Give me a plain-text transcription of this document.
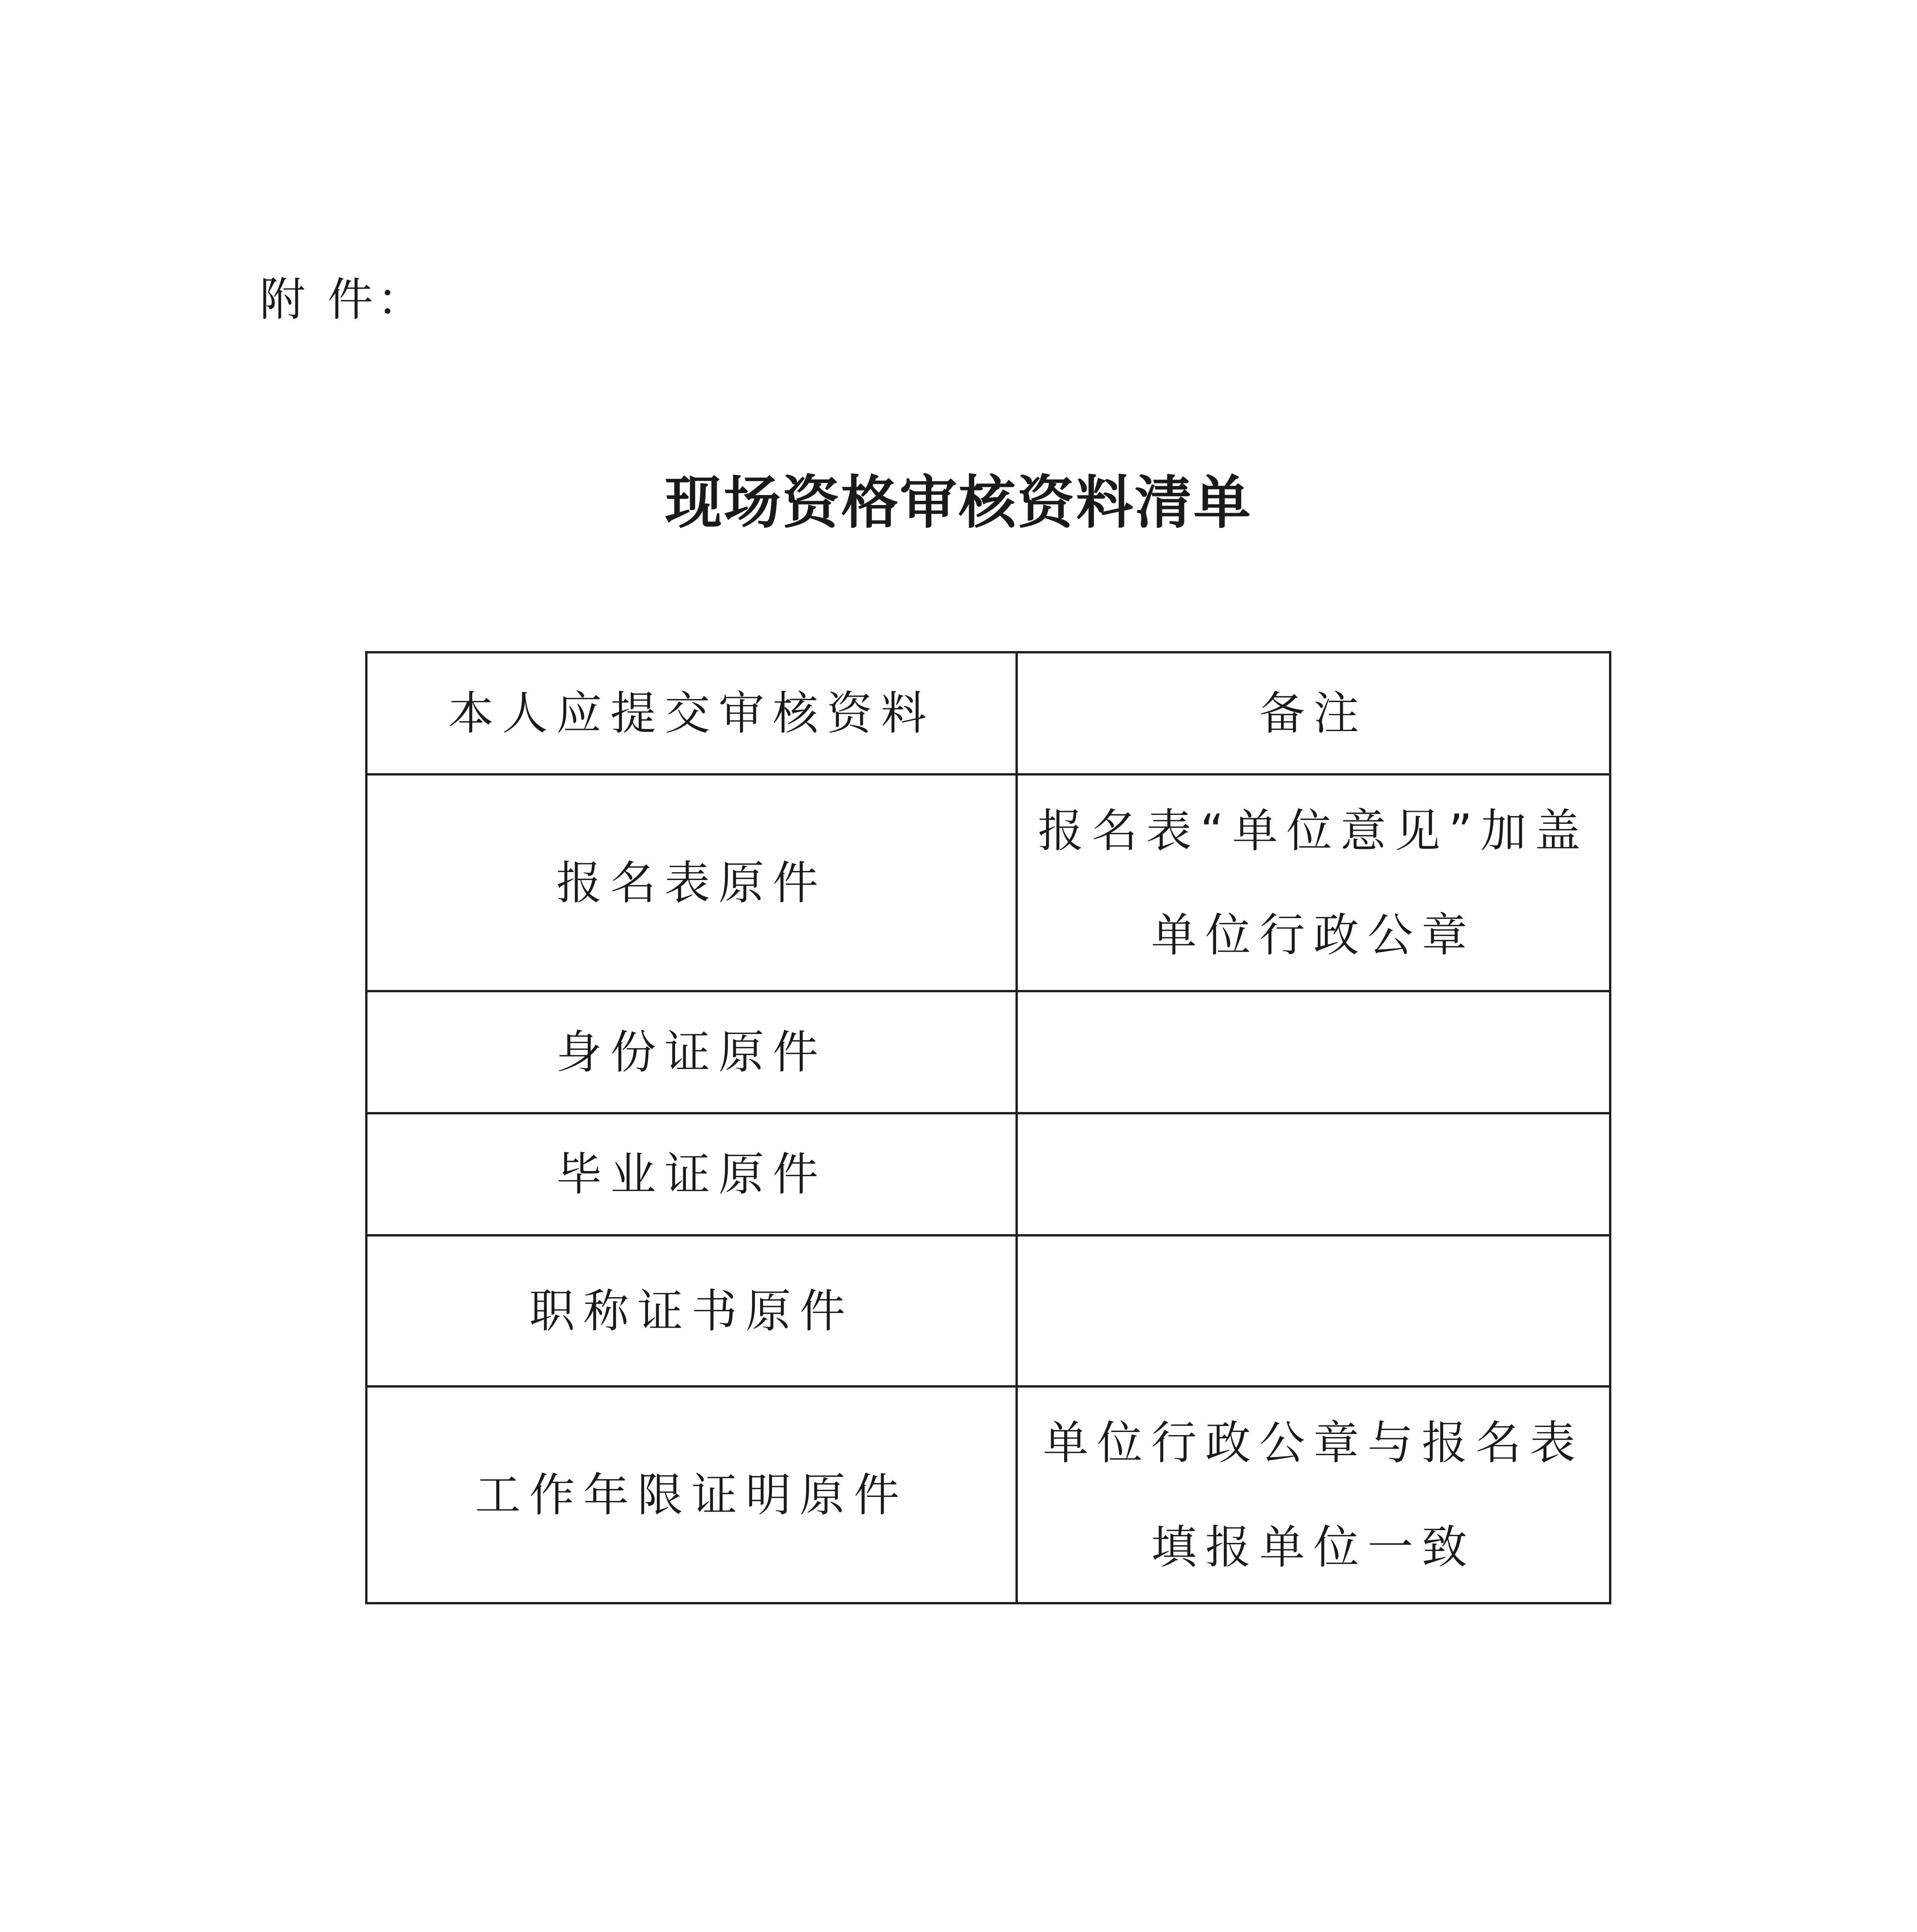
附 件：
现场资格审核资料清单
本人应提交审核资料	备注
报名表原件	报名表“单位意见”加盖
单位行政公章

身份证原件	
毕业证原件	
职称证书原件	
工作年限证明原件	单位行政公章与报名表
填报单位一致
